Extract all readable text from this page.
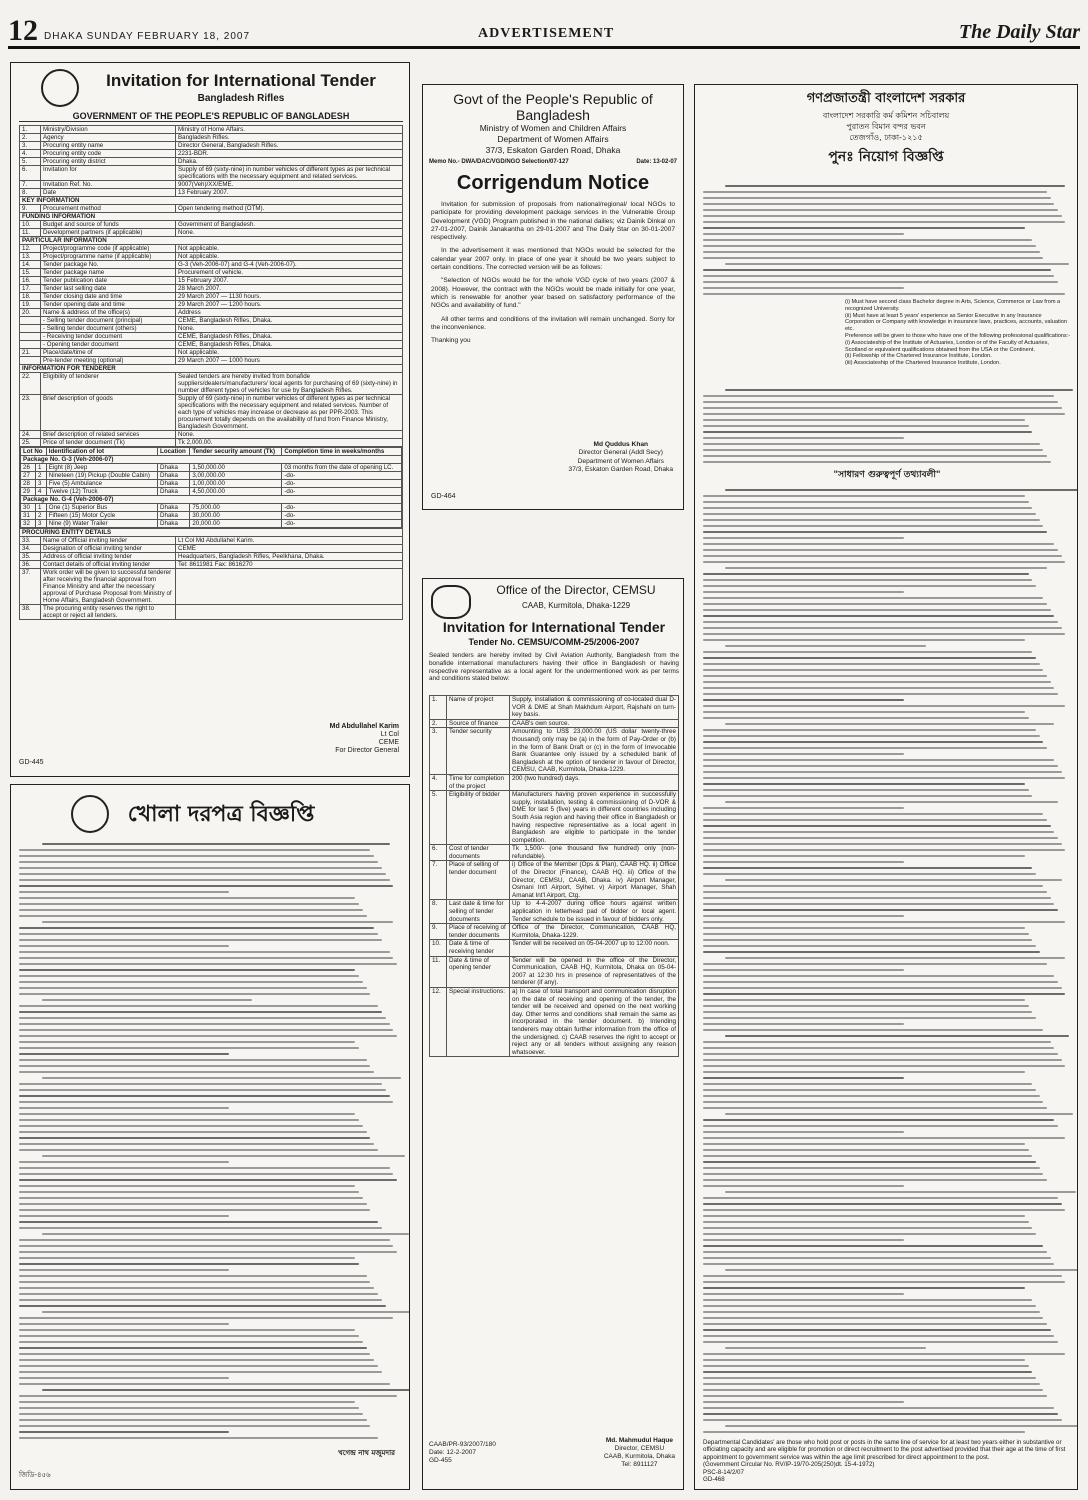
12 DHAKA SUNDAY FEBRUARY 18, 2007	ADVERTISEMENT	The Daily Star
Invitation for International Tender
Bangladesh Rifles
GOVERNMENT OF THE PEOPLE'S REPUBLIC OF BANGLADESH
1.	Ministry/Division	Ministry of Home Affairs.
2.	Agency	Bangladesh Rifles.
3.	Procuring entity name	Director General, Bangladesh Rifles.
4.	Procuring entity code	2231-BDR.
5.	Procuring entity district	Dhaka.
6.	Invitation for	Supply of 69 (sixty-nine) in number vehicles of different types as per technical specifications with the necessary equipment and related services.
7.	Invitation Ref. No.	9007(Veh)/XX/EME.
8.	Date	13 February 2007.
KEY INFORMATION
9.	Procurement method	Open tendering method (OTM).
FUNDING INFORMATION
10.	Budget and source of funds	Government of Bangladesh.
11.	Development partners (if applicable)	None.
PARTICULAR INFORMATION
12.	Project/programme code (if applicable)	Not applicable.
13.	Project/programme name (if applicable)	Not applicable.
14.	Tender package No.	G-3 (Veh-2006-07) and G-4 (Veh-2006-07).
15.	Tender package name	Procurement of vehicle.
16.	Tender publication date	15 February 2007.
17.	Tender last selling date	28 March 2007.
18.	Tender closing date and time	29 March 2007 — 1130 hours.
19.	Tender opening date and time	29 March 2007 — 1200 hours.
20.	Name & address of the office(s)	Address
	- Selling tender document (principal)	CEME, Bangladesh Rifles, Dhaka.
	- Selling tender document (others)	None.
	- Receiving tender document	CEME, Bangladesh Rifles, Dhaka.
	- Opening tender document	CEME, Bangladesh Rifles, Dhaka.
21.	Place/date/time of	Not applicable.
	Pre-tender meeting (optional)	29 March 2007 — 1000 hours
INFORMATION FOR TENDERER
22.	Eligibility of tenderer	Sealed tenders are hereby invited from bonafide suppliers/dealers/manufacturers/ local agents for purchasing of 69 (sixty-nine) in number different types of vehicles for use by Bangladesh Rifles.
23.	Brief description of goods	Supply of 69 (sixty-nine) in number vehicles of different types as per technical specifications with the necessary equipment and related services. Number of each type of vehicles may increase or decrease as per PPR-2003. This procurement totally depends on the availability of fund from Finance Ministry, Bangladesh Government.
24.	Brief description of related services	None.
25.	Price of tender document (Tk)	Tk 2,000.00.

Lot No	Identification of lot	Location	Tender security amount (Tk)	Completion time in weeks/months
Package No. G-3 (Veh-2006-07)
26	1	Eight (8) Jeep	Dhaka	1,50,000.00	03 months from the date of opening LC.
27	2	Nineteen (19) Pickup (Double Cabin)	Dhaka	3,00,000.00	-do-
28	3	Five (5) Ambulance	Dhaka	1,00,000.00	-do-
29	4	Twelve (12) Truck	Dhaka	4,50,000.00	-do-
Package No. G-4 (Veh-2006-07)
30	1	One (1) Superior Bus	Dhaka	75,000.00	-do-
31	2	Fifteen (15) Motor Cycle	Dhaka	30,000.00	-do-
32	3	Nine (9) Water Trailer	Dhaka	20,000.00	-do-

PROCURING ENTITY DETAILS
33.	Name of Official inviting tender	Lt Col Md Abdullahel Karim.
34.	Designation of official inviting tender	CEME
35.	Address of official inviting tender	Headquarters, Bangladesh Rifles, Peelkhana, Dhaka.
36.	Contact details of official inviting tender	Tel: 8611981 Fax: 8616270
37.	Work order will be given to successful tenderer after receiving the financial approval from Finance Ministry and after the necessary approval of Purchase Proposal from Ministry of Home Affairs, Bangladesh Government.	
38.	The procuring entity reserves the right to accept or reject all tenders.	
Md Abdullahel Karim
Lt Col
CEME
For Director General
GD-445
Govt of the People's Republic of Bangladesh
Ministry of Women and Children Affairs
Department of Women Affairs
37/3, Eskaton Garden Road, Dhaka
Memo No.- DWA/DAC/VGD/NGO Selection/07-127	Date: 13-02-07
Corrigendum Notice

Invitation for submission of proposals from national/regional/ local NGOs to participate for providing development package services in the Vulnerable Group Development (VGD) Program published in the national dailies; viz Dainik Dinkal on 27-01-2007, Dainik Janakantha on 29-01-2007 and The Daily Star on 30-01-2007 respectively.

In the advertisement it was mentioned that NGOs would be selected for the calendar year 2007 only. In place of one year it should be two years subject to certain conditions. The corrected version will be as follows:

"Selection of NGOs would be for the whole VGD cycle of two years (2007 & 2008). However, the contract with the NGOs would be made initially for one year, which is renewable for another year based on satisfactory performance of the NGOs and availability of fund."

All other terms and conditions of the invitation will remain unchanged. Sorry for the inconvenience.

Thanking you

Md Quddus Khan
Director General (Addl Secy)
Department of Women Affairs
37/3, Eskaton Garden Road, Dhaka
GD-464
Office of the Director, CEMSU
CAAB, Kurmitola, Dhaka-1229
Invitation for International Tender
Tender No. CEMSU/COMM-25/2006-2007
Sealed tenders are hereby invited by Civil Aviation Authority, Bangladesh from the bonafide international manufacturers having their office in Bangladesh or having respective representative as a local agent for the undermentioned work as per terms and conditions stated below:
1.	Name of project	Supply, installation & commissioning of co-located dual D-VOR & DME at Shah Makhdum Airport, Rajshahi on turn-key basis.
2.	Source of finance	CAAB's own source.
3.	Tender security	Amounting to US$ 23,000.00 (US dollar twenty-three thousand) only may be (a) in the form of Pay-Order or (b) in the form of Bank Draft or (c) in the form of Irrevocable Bank Guarantee only issued by a scheduled bank of Bangladesh at the option of tenderer in favour of Director, CEMSU, CAAB, Kurmitola, Dhaka-1229.
4.	Time for completion of the project	200 (two hundred) days.
5.	Eligibility of bidder	Manufacturers having proven experience in successfully supply, installation, testing & commissioning of D-VOR & DME for last 5 (five) years in different countries including South Asia region and having their office in Bangladesh or having respective representative as a local agent in Bangladesh are eligible to participate in the tender competition.
6.	Cost of tender documents	Tk 1,500/- (one thousand five hundred) only (non-refundable).
7.	Place of selling of tender document	i) Office of the Member (Ops & Plan), CAAB HQ. ii) Office of the Director (Finance), CAAB HQ. iii) Office of the Director, CEMSU, CAAB, Dhaka. iv) Airport Manager, Osmani Int'l Airport, Sylhet. v) Airport Manager, Shah Amanat Int'l Airport, Ctg.
8.	Last date & time for selling of tender documents	Up to 4-4-2007 during office hours against written application in letterhead pad of bidder or local agent. Tender schedule to be issued in favour of bidders only.
9.	Place of receiving of tender documents	Office of the Director, Communication, CAAB HQ, Kurmitola, Dhaka-1229.
10.	Date & time of receiving tender	Tender will be received on 05-04-2007 up to 12:00 noon.
11.	Date & time of opening tender	Tender will be opened in the office of the Director, Communication, CAAB HQ, Kurmitola, Dhaka on 05-04-2007 at 12:30 hrs in presence of representatives of the tenderer (if any).
12.	Special instructions:	a) In case of total transport and communication disruption on the date of receiving and opening of the tender, the tender will be received and opened on the next working day. Other terms and conditions shall remain the same as incorporated in the tender document. b) Intending tenderers may obtain further information from the office of the undersigned. c) CAAB reserves the right to accept or reject any or all tenders without assigning any reason whatsoever.
CAAB/PR-93/2007/180
Date: 12-2-2007
GD-455
Md. Mahmudul Haque
Director, CEMSU
CAAB, Kurmitola, Dhaka
Tel: 8911127
খোলা দরপত্র বিজ্ঞপ্তি
খগেন্দ্র নাথ মজুমদার
জিডি-৪৫৬
গণপ্রজাতন্ত্রী বাংলাদেশ সরকার
বাংলাদেশ সরকারি কর্ম কমিশন সচিবালয়
পুরাতন বিমান বন্দর ভবন
তেজগাঁও, ঢাকা-১২১৫
পুনঃ নিয়োগ বিজ্ঞপ্তি
(i) Must have second class Bachelor degree in Arts, Science, Commerce or Law from a recognized University.
(ii) Must have at least 5 years' experience as Senior Executive in any Insurance Corporation or Company with knowledge in insurance laws, practices, accounts, valuation etc.
Preference will be given to those who have one of the following professional qualifications:-
(i) Associateship of the Institute of Actuaries, London or of the Faculty of Actuaries, Scotland or equivalent qualifications obtained from the USA or the Continent.
(ii) Fellowship of the Chartered Insurance Institute, London.
(iii) Associateship of the Chartered Insurance Institute, London.
"সাধারণ গুরুত্বপূর্ণ তথ্যাবলী"
Departmental Candidates' are those who hold post or posts in the same line of service for at least two years either in substantive or officiating capacity and are eligible for promotion or direct recruitment to the post advertised provided that their age at the time of first appointment to government service was within the age limit prescribed for direct appointment to the post.
(Government Circular No. RV/IP-19/70-205(250)dt. 15-4-1972)
PSC-8-14/2/07
GD-468
